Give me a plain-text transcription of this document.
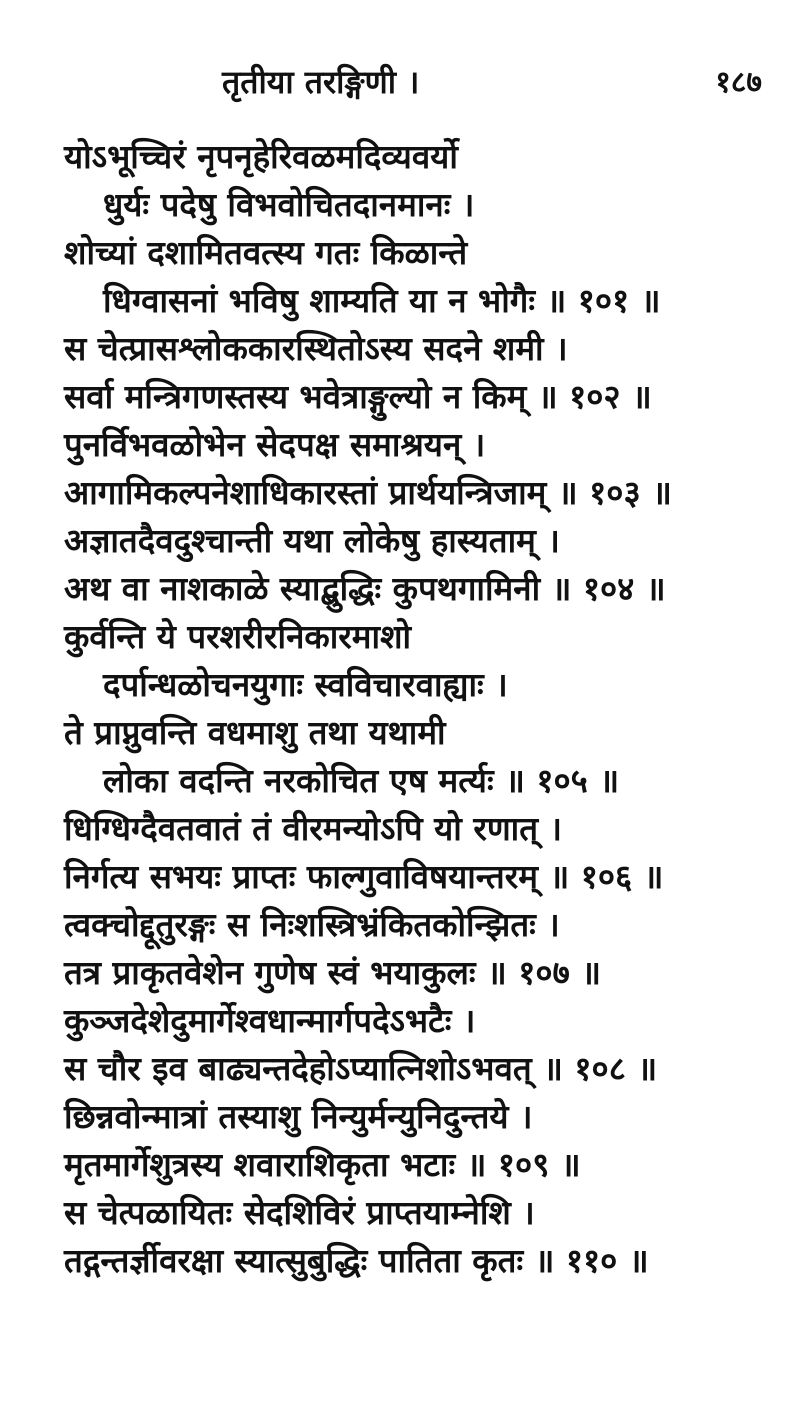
तृतीया तरङ्गिणी ।	१८७
योऽभूच्चिरं नृपनृहेरिवळमदिव्यवर्यो
धुर्यः पदेषु विभवोचितदानमानः ।
शोच्यां दशामितवत्स्य गतः किळान्ते
धिग्वासनां भविषु शाम्यति या न भोगैः ॥ १०१ ॥
स चेत्प्रासश्लोककारस्थितोऽस्य सदने शमी ।
सर्वा मन्त्रिगणस्तस्य भवेत्राङ्गुल्यो न किम् ॥ १०२ ॥
पुनर्विभवळोभेन सेदपक्ष समाश्रयन् ।
आगामिकल्पनेशाधिकारस्तां प्रार्थयन्त्रिजाम् ॥ १०३ ॥
अज्ञातदैवदुश्चान्ती यथा लोकेषु हास्यताम् ।
अथ वा नाशकाळे स्याद्बुद्धिः कुपथगामिनी ॥ १०४ ॥
कुर्वन्ति ये परशरीरनिकारमाशो
दर्पान्धळोचनयुगाः स्वविचारवाह्याः ।
ते प्राप्नुवन्ति वधमाशु तथा यथामी
लोका वदन्ति नरकोचित एष मर्त्यः ॥ १०५ ॥
धिग्धिग्दैवतवातं तं वीरमन्योऽपि यो रणात् ।
निर्गत्य सभयः प्राप्तः फाल्गुवाविषयान्तरम् ॥ १०६ ॥
त्वक्चोद्दूतुरङ्गः स निःशस्त्रिभ्रंकितकोन्झितः ।
तत्र प्राकृतवेशेन गुणेष स्वं भयाकुलः ॥ १०७ ॥
कुञ्जदेशेदुमार्गेश्वधान्मार्गपदेऽभटैः ।
स चौर इव बाढ्यन्तदेहोऽप्यात्निशोऽभवत् ॥ १०८ ॥
छिन्नवोन्मात्रां तस्याशु निन्युर्मन्युनिदुन्तये ।
मृतमार्गेशुत्रस्य शवाराशिकृता भटाः ॥ १०९ ॥
स चेत्पळायितः सेदशिविरं प्राप्तयाम्नेशि ।
तद्गन्तर्ज्ञीवरक्षा स्यात्सुबुद्धिः पातिता कृतः ॥ ११० ॥
